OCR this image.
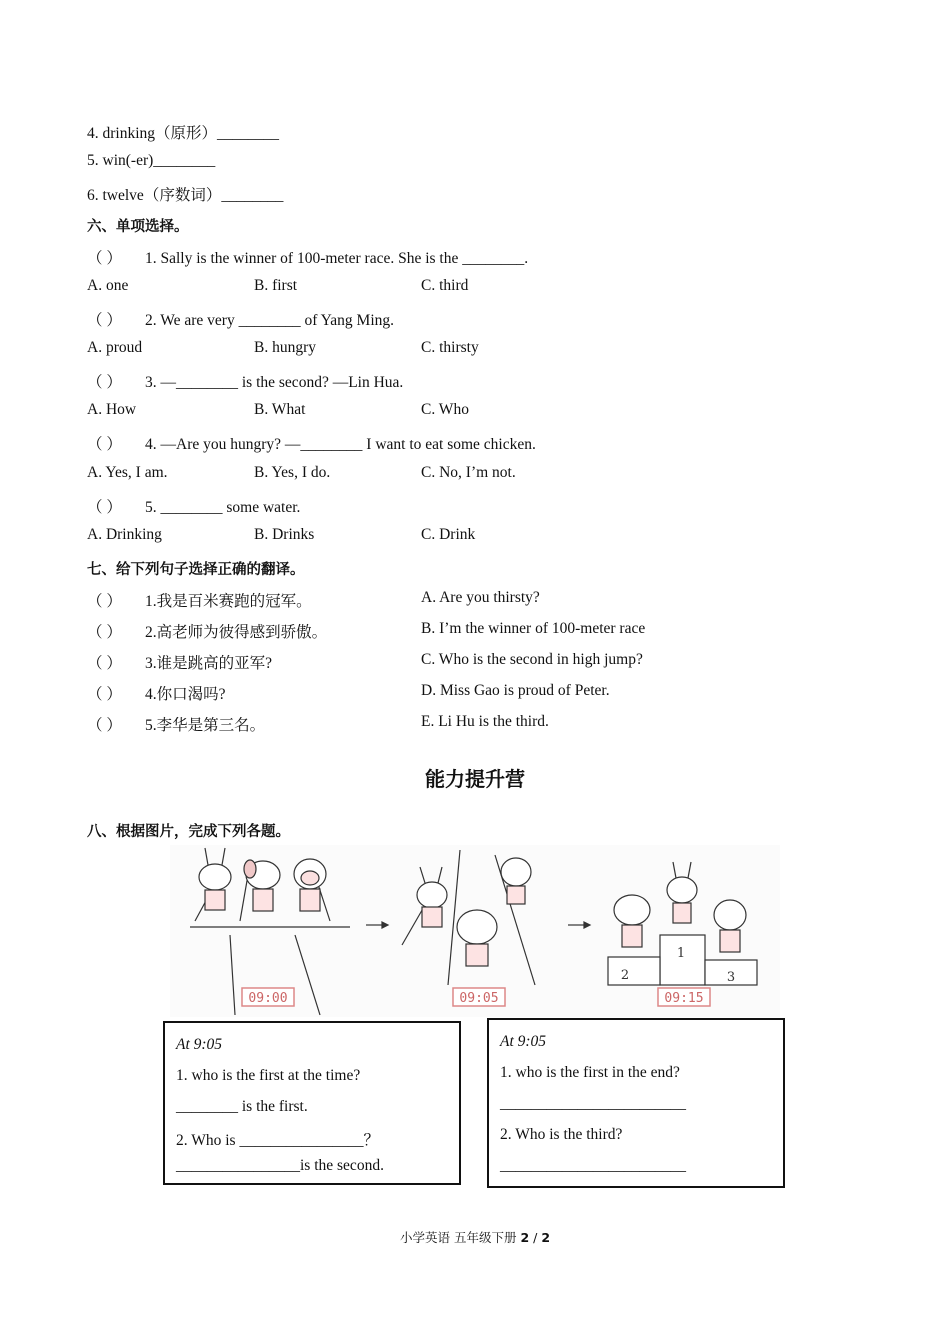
4. drinking（原形）________
5. win(-er)________
6. twelve（序数词）________
六、单项选择。
（ ） 1. Sally is the winner of 100-meter race. She is the ________.
A. one	B. first	C. third
（ ） 2. We are very ________ of Yang Ming.
A. proud	B. hungry	C. thirsty
（ ） 3. —________ is the second? —Lin Hua.
A. How	B. What	C. Who
（ ） 4. —Are you hungry? —________ I want to eat some chicken.
A. Yes, I am.	B. Yes, I do.	C. No, I’m not.
（ ） 5. ________ some water.
A. Drinking	B. Drinks	C. Drink
七、给下列句子选择正确的翻译。
（ ） 1.我是百米赛跑的冠军。	A. Are you thirsty?
（ ） 2.高老师为彼得感到骄傲。	B. I’m the winner of 100-meter race
（ ） 3.谁是跳高的亚军?	C. Who is the second in high jump?
（ ） 4.你口渴吗?	D. Miss Gao is proud of Peter.
（ ） 5.李华是第三名。	E. Li Hu is the third.
能力提升营
八、根据图片，完成下列各题。
09:00	09:05
1
2	3
09:15
At 9:05
1. who is the first at the time?
________ is the first.
2. Who is ________________？
________________is the second.
At 9:05
1. who is the first in the end?
________________________
2. Who is the third?
________________________
小学英语 五年级下册 2 / 2
